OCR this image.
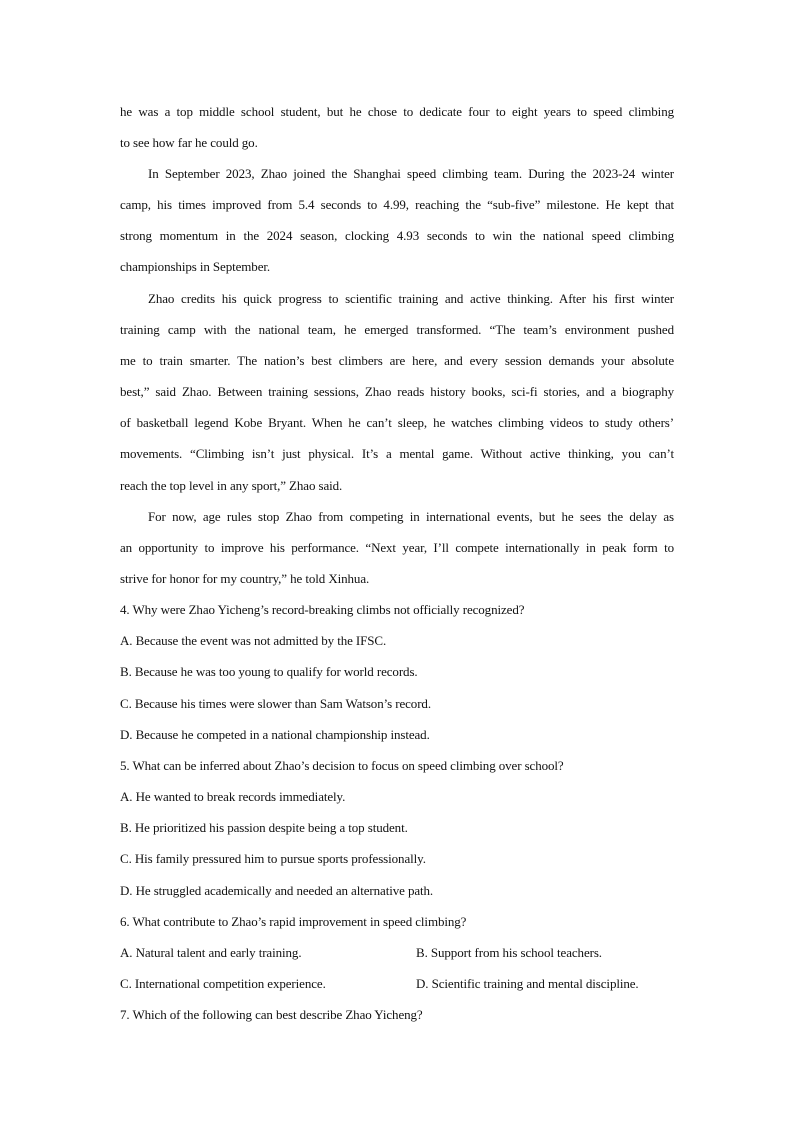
he was a top middle school student, but he chose to dedicate four to eight years to speed climbing
to see how far he could go.
In September 2023, Zhao joined the Shanghai speed climbing team. During the 2023-24 winter
camp, his times improved from 5.4 seconds to 4.99, reaching the “sub-five” milestone. He kept that
strong momentum in the 2024 season, clocking 4.93 seconds to win the national speed climbing
championships in September.
Zhao credits his quick progress to scientific training and active thinking. After his first winter
training camp with the national team, he emerged transformed. “The team’s environment pushed
me to train smarter. The nation’s best climbers are here, and every session demands your absolute
best,” said Zhao. Between training sessions, Zhao reads history books, sci-fi stories, and a biography
of basketball legend Kobe Bryant. When he can’t sleep, he watches climbing videos to study others’
movements. “Climbing isn’t just physical. It’s a mental game. Without active thinking, you can’t
reach the top level in any sport,” Zhao said.
For now, age rules stop Zhao from competing in international events, but he sees the delay as
an opportunity to improve his performance. “Next year, I’ll compete internationally in peak form to
strive for honor for my country,” he told Xinhua.
4. Why were Zhao Yicheng’s record-breaking climbs not officially recognized?
A. Because the event was not admitted by the IFSC.
B. Because he was too young to qualify for world records.
C. Because his times were slower than Sam Watson’s record.
D. Because he competed in a national championship instead.
5. What can be inferred about Zhao’s decision to focus on speed climbing over school?
A. He wanted to break records immediately.
B. He prioritized his passion despite being a top student.
C. His family pressured him to pursue sports professionally.
D. He struggled academically and needed an alternative path.
6. What contribute to Zhao’s rapid improvement in speed climbing?
A. Natural talent and early training.	B. Support from his school teachers.
C. International competition experience.	D. Scientific training and mental discipline.
7. Which of the following can best describe Zhao Yicheng?
